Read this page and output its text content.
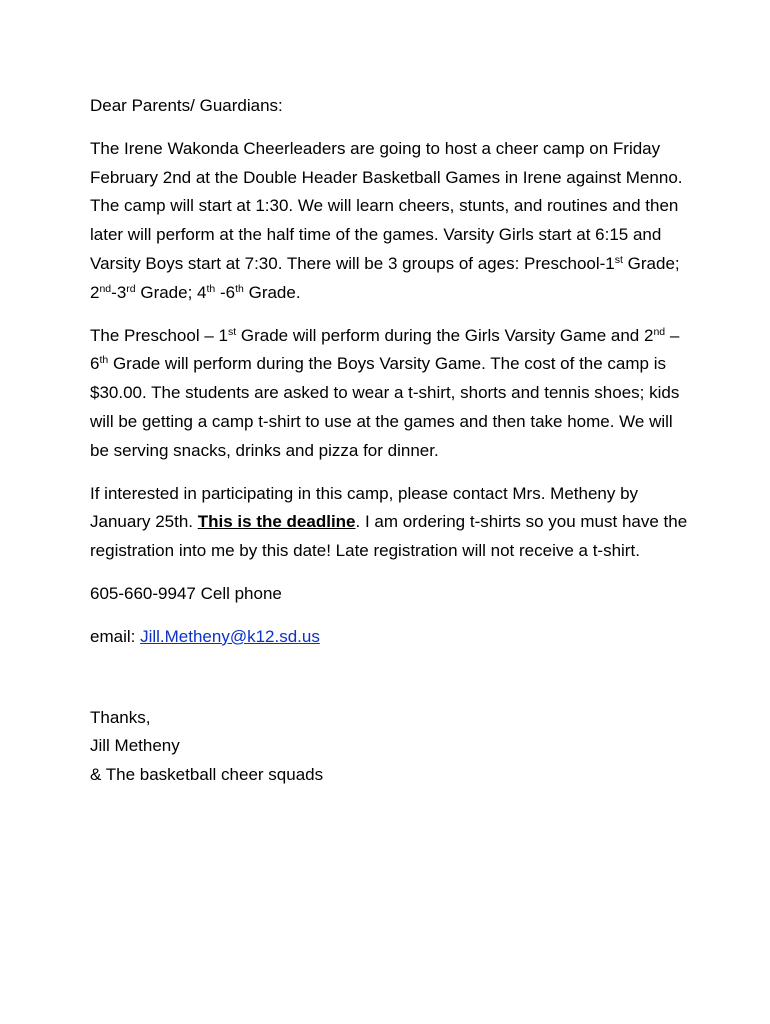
Dear Parents/ Guardians:

The Irene Wakonda Cheerleaders are going to host a cheer camp on Friday February 2nd at the Double Header Basketball Games in Irene against Menno. The camp will start at 1:30. We will learn cheers, stunts, and routines and then later will perform at the half time of the games. Varsity Girls start at 6:15 and Varsity Boys start at 7:30. There will be 3 groups of ages: Preschool-1st Grade; 2nd-3rd Grade; 4th -6th Grade.

The Preschool – 1st Grade will perform during the Girls Varsity Game and 2nd – 6th Grade will perform during the Boys Varsity Game. The cost of the camp is $30.00. The students are asked to wear a t-shirt, shorts and tennis shoes; kids will be getting a camp t-shirt to use at the games and then take home. We will be serving snacks, drinks and pizza for dinner.

If interested in participating in this camp, please contact Mrs. Metheny by January 25th. This is the deadline. I am ordering t-shirts so you must have the registration into me by this date! Late registration will not receive a t-shirt.

605-660-9947 Cell phone

email: Jill.Metheny@k12.sd.us

Thanks,
Jill Metheny
& The basketball cheer squads
